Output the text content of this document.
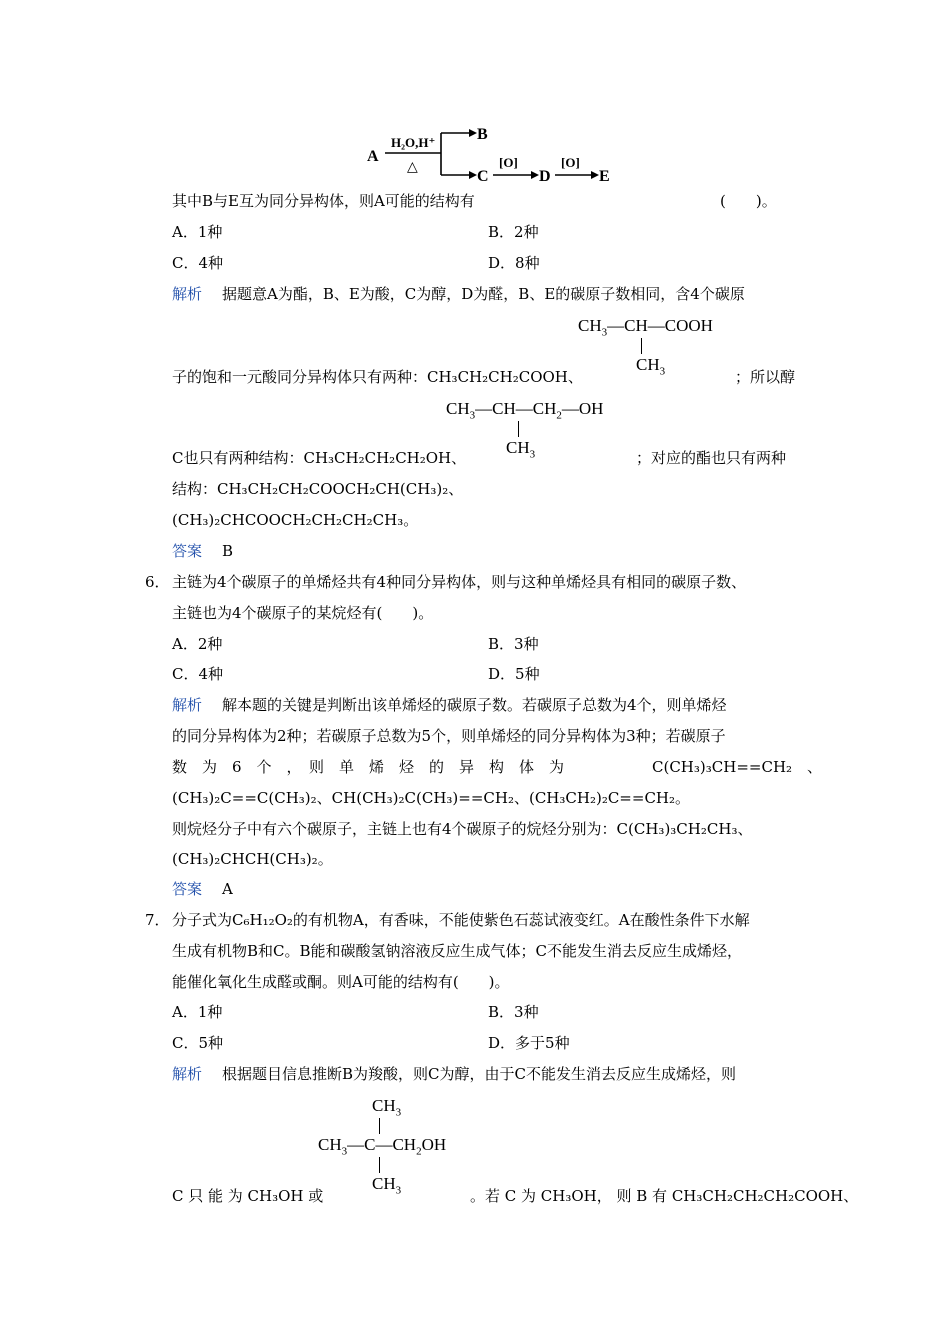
A
H₂O,H⁺
△
B
C
[O]
D
[O]
E
其中B与E互为同分异构体，则A可能的结构有	(　　)。
A．1种	B．2种
C．4种	D．8种
解析 据题意A为酯，B、E为酸，C为醇，D为醛，B、E的碳原子数相同，含4个碳原
$CH_3—CH—COOH$
$CH_3$
子的饱和一元酸同分异构体只有两种：CH₃CH₂CH₂COOH、	；所以醇
$CH_3—CH—CH_2—OH$
$CH_3$
C也只有两种结构：CH₃CH₂CH₂CH₂OH、	；对应的酯也只有两种
结构：CH₃CH₂CH₂COOCH₂CH(CH₃)₂、
(CH₃)₂CHCOOCH₂CH₂CH₂CH₃。
答案 B
6． 主链为4个碳原子的单烯烃共有4种同分异构体，则与这种单烯烃具有相同的碳原子数、
主链也为4个碳原子的某烷烃有(　　)。
A．2种	B．3种
C．4种	D．5种
解析 解本题的关键是判断出该单烯烃的碳原子数。若碳原子总数为4个，则单烯烃
的同分异构体为2种；若碳原子总数为5个，则单烯烃的同分异构体为3种；若碳原子
数　为　6　个　，　则　单　烯　烃　的　异　构　体　为	C(CH₃)₃CH==CH₂　、
(CH₃)₂C==C(CH₃)₂、CH(CH₃)₂C(CH₃)==CH₂、(CH₃CH₂)₂C==CH₂。
则烷烃分子中有六个碳原子，主链上也有4个碳原子的烷烃分别为：C(CH₃)₃CH₂CH₃、
(CH₃)₂CHCH(CH₃)₂。
答案 A
7． 分子式为C₆H₁₂O₂的有机物A，有香味，不能使紫色石蕊试液变红。A在酸性条件下水解
生成有机物B和C。B能和碳酸氢钠溶液反应生成气体；C不能发生消去反应生成烯烃，
能催化氧化生成醛或酮。则A可能的结构有(　　)。
A．1种	B．3种
C．5种	D．多于5种
解析 根据题目信息推断B为羧酸，则C为醇，由于C不能发生消去反应生成烯烃，则
$CH_3$
$CH_3—C—CH_2OH$
$CH_3$
C 只 能 为 CH₃OH 或	。若 C 为 CH₃OH， 则 B 有 CH₃CH₂CH₂CH₂COOH、
